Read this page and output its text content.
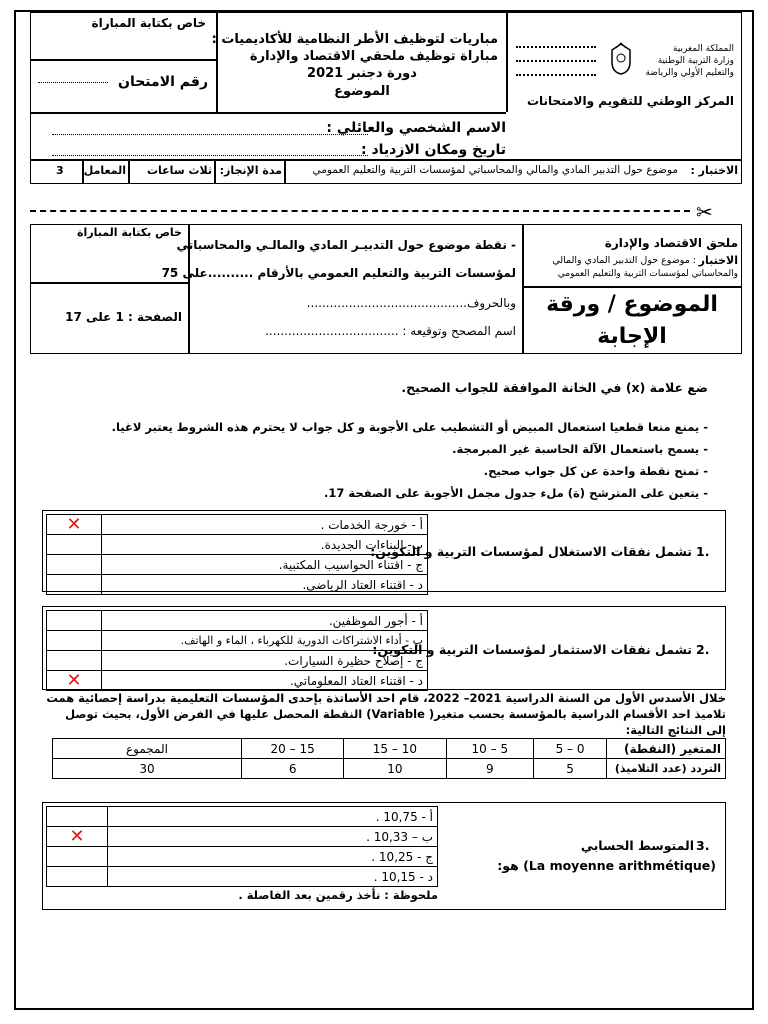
خاص بكتابة المباراة
رقم الامتحان
مباريات لتوظيف الأطر النظامية للأكاديميات :
مباراة توظيف ملحقي الاقتصاد والإدارة
دورة دجنبر 2021
الموضوع
المملكة المغربية
وزارة التربية الوطنية
والتعليم الأولي والرياضة
المركز الوطني للتقويم والامتحانات
الاسم الشخصي والعائلي :
تاريخ ومكان الازدياد :
3 المعامل	ثلاث ساعات مدة الإنجاز:	موضوع حول التدبير المادي والمالي والمحاسباتي لمؤسسات التربية والتعليم العمومي	الاختبار :
✂
خاص بكتابة المباراة
الصفحة : 1 على 17
- نقطة موضوع حول التدبيـر المادي والمالـي والمحاسباتي
لمؤسسات التربية والتعليم العمومي بالأرقام ..........على 75
وبالحروف..........................................
اسم المصحح وتوقيعه : ...................................
ملحق الاقتصاد والإدارة
الاختبار
: موضوع حول التدبير المادي والمالي
والمحاسباتي لمؤسسات التربية والتعليم العمومي
الموضوع / ورقة
الإجابة
ضع علامة (x) في الخانة الموافقة للجواب الصحيح.
- يمنع منعا قطعيا استعمال المبيض أو التشطيب على الأجوبة و كل جواب لا يحترم هذه الشروط يعتبر لاغيا.
- يسمح باستعمال الآلة الحاسبة غير المبرمجة.
- تمنح نقطة واحدة عن كل جواب صحيح.
- يتعين على المترشح (ة) ملء جدول مجمل الأجوبة على الصفحة 17.
✕	أ - خورجة الخدمات .
	ب- البناءات الجديدة.
	ج - اقتناء الحواسيب المكتبية.
	د - اقتناء العتاد الرياضي.
تشمل نفقات الاستغلال لمؤسسات التربية و التكوين: 1.
	أ - أجور الموظفين.
	ب - أداء الاشتراكات الدورية للكهرباء ، الماء و الهاتف.
	ج - إصلاح حظيرة السيارات.
✕	د - اقتناء العتاد المعلوماتي.
تشمل نفقات الاستثمار لمؤسسات التربية و التكوين: 2.
خلال الأسدس الأول من السنة الدراسية 2021– 2022، قام احد الأساتذة بإحدى المؤسسات التعليمية بدراسة إحصائية همت تلاميذ احد الأقسام الدراسية بالمؤسسة بحسب متغير( Variable) النقطة المحصل عليها في الفرض الأول، بحيث توصل إلى النتائج التالية:
المتغير (النقطة)	0 – 5	5 – 10	10 – 15	15 – 20	المجموع
التردد (عدد التلاميذ)	5	9	10	6	30
	أ - 10,75 .
✕	ب – 10,33 .
	ج - 10,25 .
	د - 10,15 .
المتوسط الحسابي 3.
(La moyenne arithmétique) هو:
ملحوظة : نأخذ رقمين بعد الفاصلة .
